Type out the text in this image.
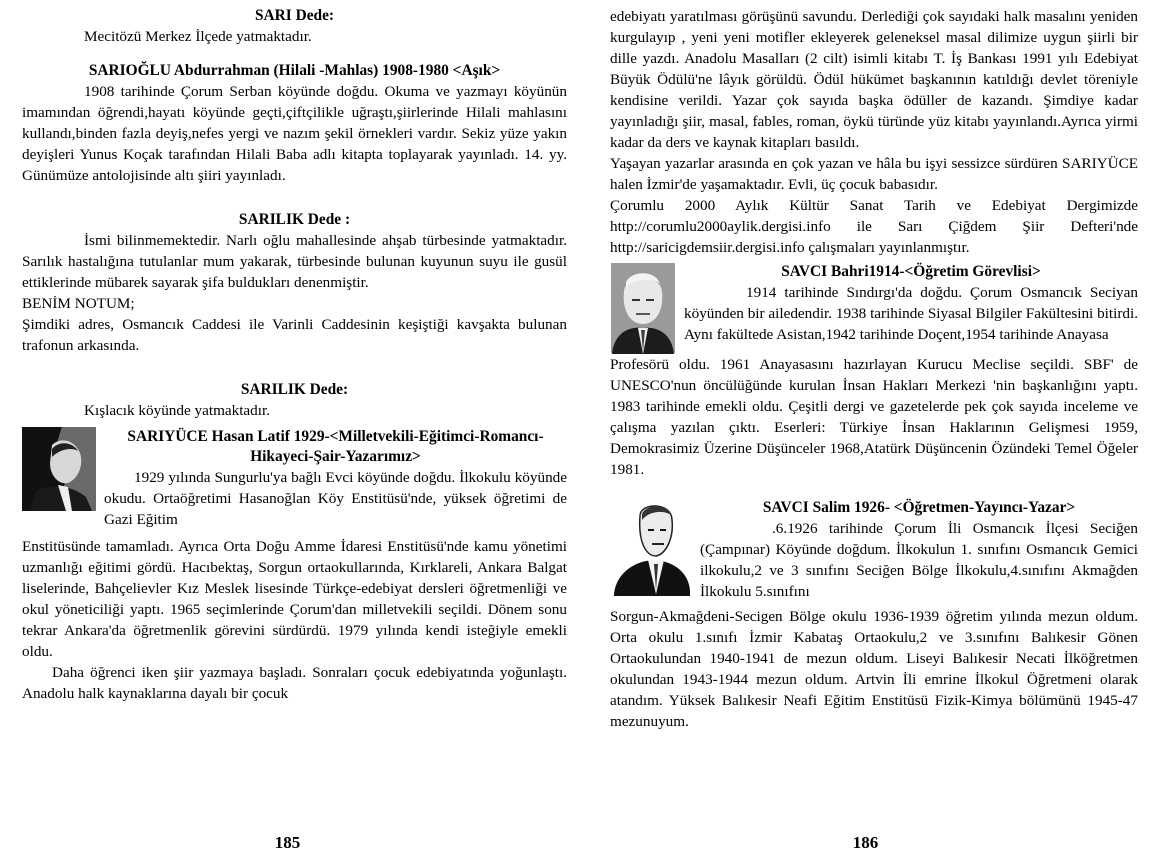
SARI Dede:

Mecitözü Merkez İlçede yatmaktadır.

SARIOĞLU Abdurrahman (Hilali -Mahlas) 1908-1980 <Aşık>

1908 tarihinde Çorum Serban köyünde doğdu. Okuma ve yazmayı köyünün imamından öğrendi,hayatı köyünde geçti,çiftçilikle uğraştı,şiirlerinde Hilali mahlasını kullandı,binden fazla deyiş,nefes yergi ve nazım şekil örnekleri vardır. Sekiz yüze yakın deyişleri Yunus Koçak tarafından Hilali Baba adlı kitapta toplayarak yayınladı. 14. yy. Günümüze antolojisinde altı şiiri yayınladı.

SARILIK Dede :

İsmi bilinmemektedir. Narlı oğlu mahallesinde ahşab türbesinde yatmaktadır. Sarılık hastalığına tutulanlar mum yakarak, türbesinde bulunan kuyunun suyu ile gusül ettiklerinde mübarek sayarak şifa buldukları denenmiştir.

BENİM NOTUM;

Şimdiki adres, Osmancık Caddesi ile Varinli Caddesinin keşiştiği kavşakta bulunan trafonun arkasında.

SARILIK Dede:

Kışlacık köyünde yatmaktadır.

SARIYÜCE Hasan Latif 1929-<Milletvekili-Eğitimci-Romancı-Hikayeci-Şair-Yazarımız>

1929 yılında Sungurlu'ya bağlı Evci köyünde doğdu. İlkokulu köyünde okudu. Ortaöğretimi Hasanoğlan Köy Enstitüsü'nde, yüksek öğretimi de Gazi Eğitim

Enstitüsünde tamamladı. Ayrıca Orta Doğu Amme İdaresi Enstitüsü'nde kamu yönetimi uzmanlığı eğitimi gördü. Hacıbektaş, Sorgun ortaokullarında, Kırklareli, Ankara Balgat liselerinde, Bahçelievler Kız Meslek lisesinde Türkçe-edebiyat dersleri öğretmenliği ve okul yöneticiliği yaptı. 1965 seçimlerinde Çorum'dan milletvekili seçildi. Dönem sonu tekrar Ankara'da öğretmenlik görevini sürdürdü. 1979 yılında kendi isteğiyle emekli oldu.

Daha öğrenci iken şiir yazmaya başladı. Sonraları çocuk edebiyatında yoğunlaştı. Anadolu halk kaynaklarına dayalı bir çocuk

185

edebiyatı yaratılması görüşünü savundu. Derlediği çok sayıdaki halk masalını yeniden kurgulayıp , yeni yeni motifler ekleyerek geleneksel masal dilimize uygun şiirli bir dille yazdı. Anadolu Masalları (2 cilt) isimli kitabı T. İş Bankası 1991 yılı Edebiyat Büyük Ödülü'ne lâyık görüldü. Ödül hükümet başkanının katıldığı devlet töreniyle kendisine verildi. Yazar çok sayıda başka ödüller de kazandı. Şimdiye kadar yayınladığı şiir, masal, fables, roman, öykü türünde yüz kitabı yayınlandı.Ayrıca yirmi kadar da ders ve kaynak kitapları basıldı.

Yaşayan yazarlar arasında en çok yazan ve hâla bu işyi sessizce sürdüren SARIYÜCE halen İzmir'de yaşamaktadır. Evli, üç çocuk babasıdır.

Çorumlu 2000 Aylık Kültür Sanat Tarih ve Edebiyat Dergimizde http://corumlu2000aylik.dergisi.info ile Sarı Çiğdem Şiir Defteri'nde http://saricigdemsiir.dergisi.info çalışmaları yayınlanmıştır.

SAVCI Bahri1914-<Öğretim Görevlisi>

1914 tarihinde Sındırgı'da doğdu. Çorum Osmancık Seciyan köyünden bir ailedendir. 1938 tarihinde Siyasal Bilgiler Fakültesini bitirdi. Aynı fakültede Asistan,1942 tarihinde Doçent,1954 tarihinde Anayasa

Profesörü oldu. 1961 Anayasasını hazırlayan Kurucu Meclise seçildi. SBF' de UNESCO'nun öncülüğünde kurulan İnsan Hakları Merkezi 'nin başkanlığını yaptı. 1983 tarihinde emekli oldu. Çeşitli dergi ve gazetelerde pek çok sayıda inceleme ve çalışma yazılan çıktı. Eserleri: Türkiye İnsan Haklarının Gelişmesi 1959, Demokrasimiz Üzerine Düşünceler 1968,Atatürk Düşüncenin Özündeki Temel Öğeler 1981.

SAVCI Salim 1926- <Öğretmen-Yayıncı-Yazar>

.6.1926 tarihinde Çorum İli Osmancık İlçesi Seciğen (Çampınar) Köyünde doğdum. İlkokulun 1. sınıfını Osmancık Gemici ilkokulu,2 ve 3 sınıfını Seciğen Bölge İlkokulu,4.sınıfını Akmağden İlkokulu 5.sınıfını

Sorgun-Akmağdeni-Secigen Bölge okulu 1936-1939 öğretim yılında mezun oldum. Orta okulu 1.sınıfı İzmir Kabataş Ortaokulu,2 ve 3.sınıfını Balıkesir Gönen Ortaokulundan 1940-1941 de mezun oldum. Liseyi Balıkesir Necati İlköğretmen okulundan 1943-1944 mezun oldum. Artvin İli emrine İlkokul Öğretmeni olarak atandım. Yüksek Balıkesir Neafi Eğitim Enstitüsü Fizik-Kimya bölümünü 1945-47 mezunuyum.

186
